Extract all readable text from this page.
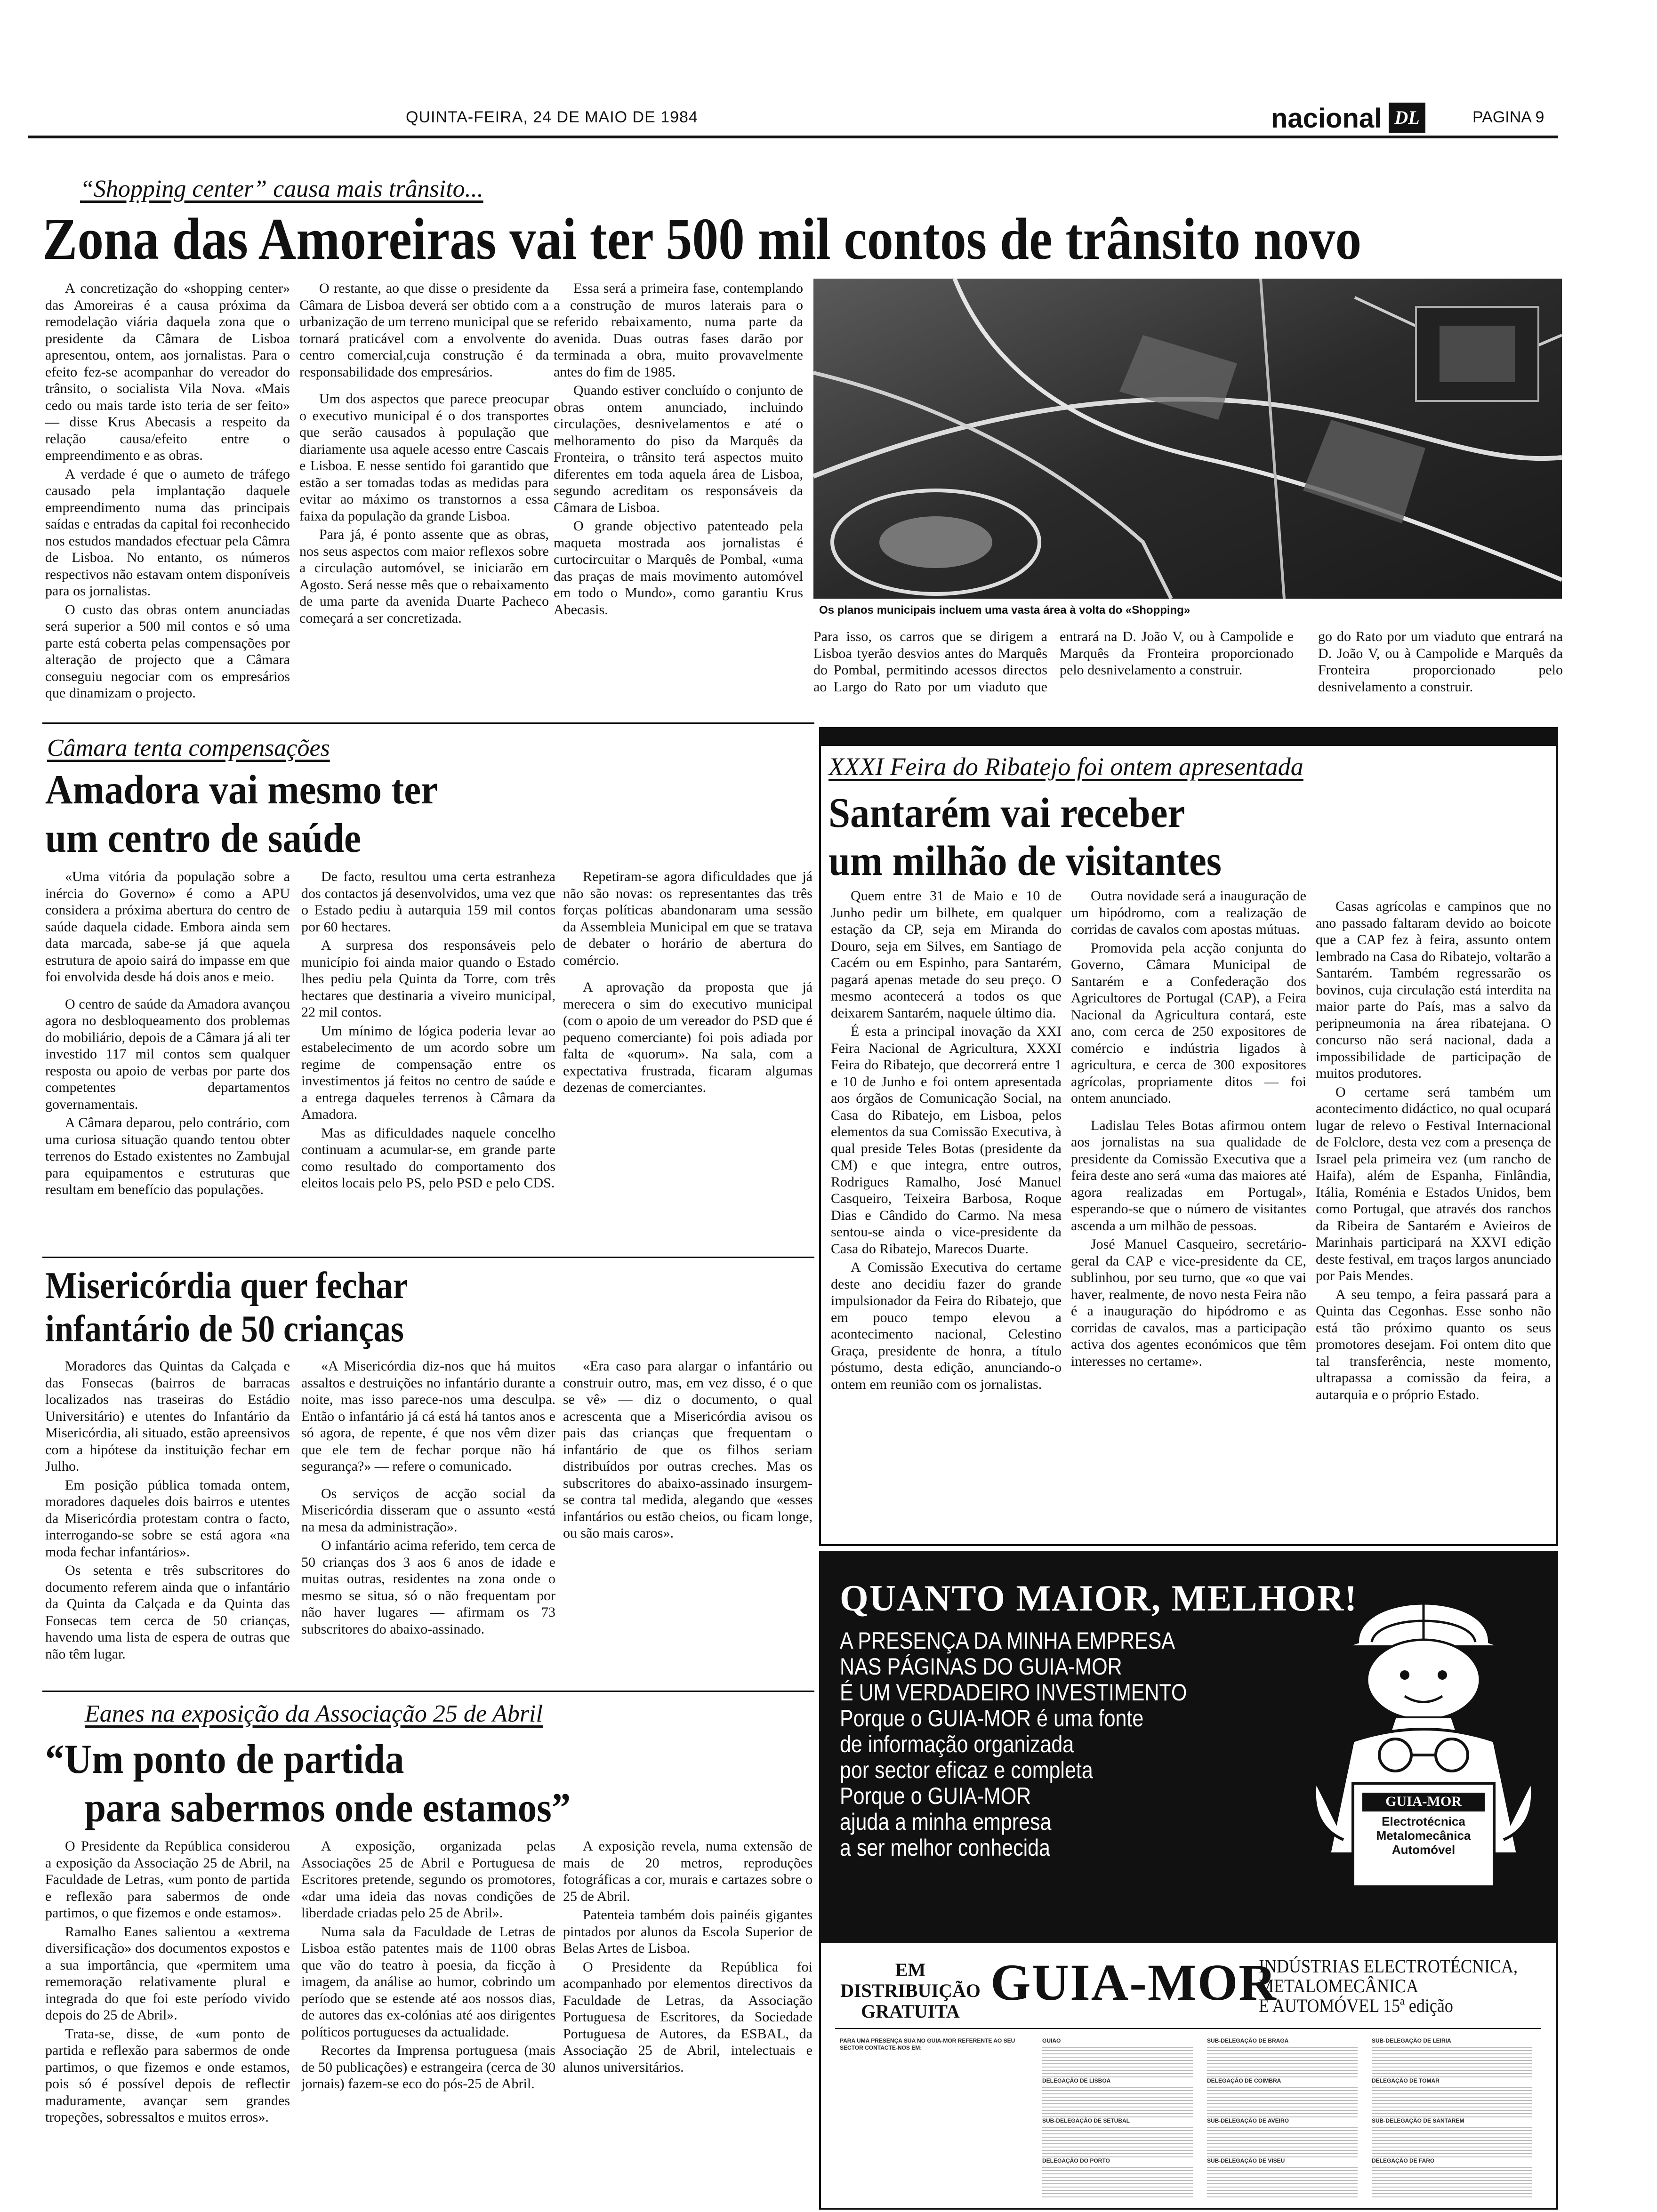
QUINTA-FEIRA, 24 DE MAIO DE 1984	nacional DL	PAGINA 9
“Shopping center” causa mais trânsito...
Zona das Amoreiras vai ter 500 mil contos de trânsito novo

A concretização do «shopping center» das Amoreiras é a causa próxima da remodelação viária daquela zona que o presidente da Câmara de Lisboa apresentou, ontem, aos jornalistas. Para o efeito fez-se acompanhar do vereador do trânsito, o socialista Vila Nova. «Mais cedo ou mais tarde isto teria de ser feito» — disse Krus Abecasis a respeito da relação causa/efeito entre o empreendimento e as obras.

A verdade é que o aumeto de tráfego causado pela implantação daquele empreendimento numa das principais saídas e entradas da capital foi reconhecido nos estudos mandados efectuar pela Câmra de Lisboa. No entanto, os números respectivos não estavam ontem disponíveis para os jornalistas.

O custo das obras ontem anunciadas será superior a 500 mil contos e só uma parte está coberta pelas compensações por alteração de projecto que a Câmara conseguiu negociar com os empresários que dinamizam o projecto.

O restante, ao que disse o presidente da Câmara de Lisboa deverá ser obtido com a urbanização de um terreno municipal que se tornará praticável com a envolvente do centro comercial,cuja construção é da responsabilidade dos empresários.

Um dos aspectos que parece preocupar o executivo municipal é o dos transportes que serão causados à população que diariamente usa aquele acesso entre Cascais e Lisboa. E nesse sentido foi garantido que estão a ser tomadas todas as medidas para evitar ao máximo os transtornos a essa faixa da população da grande Lisboa.

Para já, é ponto assente que as obras, nos seus aspectos com maior reflexos sobre a circulação automóvel, se iniciarão em Agosto. Será nesse mês que o rebaixamento de uma parte da avenida Duarte Pacheco começará a ser concretizada.

Essa será a primeira fase, contemplando a construção de muros laterais para o referido rebaixamento, numa parte da avenida. Duas outras fases darão por terminada a obra, muito provavelmente antes do fim de 1985.

Quando estiver concluído o conjunto de obras ontem anunciado, incluindo circulações, desnivelamentos e até o melhoramento do piso da Marquês da Fronteira, o trânsito terá aspectos muito diferentes em toda aquela área de Lisboa, segundo acreditam os responsáveis da Câmara de Lisboa.

O grande objectivo patenteado pela maqueta mostrada aos jornalistas é curtocircuitar o Marquês de Pombal, «uma das praças de mais movimento automóvel em todo o Mundo», como garantiu Krus Abecasis.	Os planos municipais incluem uma vasta área à volta do «Shopping»

Para isso, os carros que se dirigem a Lisboa tyerão desvios antes do Marquês do Pombal, permitindo acessos directos ao Largo do Rato por um viaduto que entrará na D. João V, ou à Campolide e Marquês da Fronteira proporcionado pelo desnivelamento a construir.

go do Rato por um viaduto que entrará na D. João V, ou à Campolide e Marquês da Fronteira proporcionado pelo desnivelamento a construir.

Câmara tenta compensações
Amadora vai mesmo ter
um centro de saúde

«Uma vitória da população sobre a inércia do Governo» é como a APU considera a próxima abertura do centro de saúde daquela cidade. Embora ainda sem data marcada, sabe-se já que aquela estrutura de apoio sairá do impasse em que foi envolvida desde há dois anos e meio.

O centro de saúde da Amadora avançou agora no desbloqueamento dos problemas do mobiliário, depois de a Câmara já ali ter investido 117 mil contos sem qualquer resposta ou apoio de verbas por parte dos competentes departamentos governamentais.

A Câmara deparou, pelo contrário, com uma curiosa situação quando tentou obter terrenos do Estado existentes no Zambujal para equipamentos e estruturas que resultam em benefício das populações.

De facto, resultou uma certa estranheza dos contactos já desenvolvidos, uma vez que o Estado pediu à autarquia 159 mil contos por 60 hectares.

A surpresa dos responsáveis pelo município foi ainda maior quando o Estado lhes pediu pela Quinta da Torre, com três hectares que destinaria a viveiro municipal, 22 mil contos.

Um mínimo de lógica poderia levar ao estabelecimento de um acordo sobre um regime de compensação entre os investimentos já feitos no centro de saúde e a entrega daqueles terrenos à Câmara da Amadora.

Mas as dificuldades naquele concelho continuam a acumular-se, em grande parte como resultado do comportamento dos eleitos locais pelo PS, pelo PSD e pelo CDS.

Repetiram-se agora dificuldades que já não são novas: os representantes das três forças políticas abandonaram uma sessão da Assembleia Municipal em que se tratava de debater o horário de abertura do comércio.

A aprovação da proposta que já merecera o sim do executivo municipal (com o apoio de um vereador do PSD que é pequeno comerciante) foi pois adiada por falta de «quorum». Na sala, com a expectativa frustrada, ficaram algumas dezenas de comerciantes.

XXXI Feira do Ribatejo foi ontem apresentada
Santarém vai receber
um milhão de visitantes

Quem entre 31 de Maio e 10 de Junho pedir um bilhete, em qualquer estação da CP, seja em Miranda do Douro, seja em Silves, em Santiago de Cacém ou em Espinho, para Santarém, pagará apenas metade do seu preço. O mesmo acontecerá a todos os que deixarem Santarém, naquele último dia.

É esta a principal inovação da XXI Feira Nacional de Agricultura, XXXI Feira do Ribatejo, que decorrerá entre 1 e 10 de Junho e foi ontem apresentada aos órgãos de Comunicação Social, na Casa do Ribatejo, em Lisboa, pelos elementos da sua Comissão Executiva, à qual preside Teles Botas (presidente da CM) e que integra, entre outros, Rodrigues Ramalho, José Manuel Casqueiro, Teixeira Barbosa, Roque Dias e Cândido do Carmo. Na mesa sentou-se ainda o vice-presidente da Casa do Ribatejo, Marecos Duarte.

A Comissão Executiva do certame deste ano decidiu fazer do grande impulsionador da Feira do Ribatejo, que em pouco tempo elevou a acontecimento nacional, Celestino Graça, presidente de honra, a título póstumo, desta edição, anunciando-o ontem em reunião com os jornalistas.

Outra novidade será a inauguração de um hipódromo, com a realização de corridas de cavalos com apostas mútuas.

Promovida pela acção conjunta do Governo, Câmara Municipal de Santarém e a Confederação dos Agricultores de Portugal (CAP), a Feira Nacional da Agricultura contará, este ano, com cerca de 250 expositores de comércio e indústria ligados à agricultura, e cerca de 300 expositores agrícolas, propriamente ditos — foi ontem anunciado.

Ladislau Teles Botas afirmou ontem aos jornalistas na sua qualidade de presidente da Comissão Executiva que a feira deste ano será «uma das maiores até agora realizadas em Portugal», esperando-se que o número de visitantes ascenda a um milhão de pessoas.

José Manuel Casqueiro, secretário-geral da CAP e vice-presidente da CE, sublinhou, por seu turno, que «o que vai haver, realmente, de novo nesta Feira não é a inauguração do hipódromo e as corridas de cavalos, mas a participação activa dos agentes económicos que têm interesses no certame».

Casas agrícolas e campinos que no ano passado faltaram devido ao boicote que a CAP fez à feira, assunto ontem lembrado na Casa do Ribatejo, voltarão a Santarém. Também regressarão os bovinos, cuja circulação está interdita na maior parte do País, mas a salvo da peripneumonia na área ribatejana. O concurso não será nacional, dada a impossibilidade de participação de muitos produtores.

O certame será também um acontecimento didáctico, no qual ocupará lugar de relevo o Festival Internacional de Folclore, desta vez com a presença de Israel pela primeira vez (um rancho de Haifa), além de Espanha, Finlândia, Itália, Roménia e Estados Unidos, bem como Portugal, que através dos ranchos da Ribeira de Santarém e Avieiros de Marinhais participará na XXVI edição deste festival, em traços largos anunciado por Pais Mendes.

A seu tempo, a feira passará para a Quinta das Cegonhas. Esse sonho não está tão próximo quanto os seus promotores desejam. Foi ontem dito que tal transferência, neste momento, ultrapassa a comissão da feira, a autarquia e o próprio Estado.

Misericórdia quer fechar
infantário de 50 crianças

Moradores das Quintas da Calçada e das Fonsecas (bairros de barracas localizados nas traseiras do Estádio Universitário) e utentes do Infantário da Misericórdia, ali situado, estão apreensivos com a hipótese da instituição fechar em Julho.

Em posição pública tomada ontem, moradores daqueles dois bairros e utentes da Misericórdia protestam contra o facto, interrogando-se sobre se está agora «na moda fechar infantários».

Os setenta e três subscritores do documento referem ainda que o infantário da Quinta da Calçada e da Quinta das Fonsecas tem cerca de 50 crianças, havendo uma lista de espera de outras que não têm lugar.

«A Misericórdia diz-nos que há muitos assaltos e destruições no infantário durante a noite, mas isso parece-nos uma desculpa. Então o infantário já cá está há tantos anos e só agora, de repente, é que nos vêm dizer que ele tem de fechar porque não há segurança?» — refere o comunicado.

Os serviços de acção social da Misericórdia disseram que o assunto «está na mesa da administração».

O infantário acima referido, tem cerca de 50 crianças dos 3 aos 6 anos de idade e muitas outras, residentes na zona onde o mesmo se situa, só o não frequentam por não haver lugares — afirmam os 73 subscritores do abaixo-assinado.

«Era caso para alargar o infantário ou construir outro, mas, em vez disso, é o que se vê» — diz o documento, o qual acrescenta que a Misericórdia avisou os pais das crianças que frequentam o infantário de que os filhos seriam distribuídos por outras creches. Mas os subscritores do abaixo-assinado insurgem-se contra tal medida, alegando que «esses infantários ou estão cheios, ou ficam longe, ou são mais caros».

Eanes na exposição da Associação 25 de Abril
“Um ponto de partida
para sabermos onde estamos”

O Presidente da República considerou a exposição da Associação 25 de Abril, na Faculdade de Letras, «um ponto de partida e reflexão para sabermos de onde partimos, o que fizemos e onde estamos».

Ramalho Eanes salientou a «extrema diversificação» dos documentos expostos e a sua importância, que «permitem uma rememoração relativamente plural e integrada do que foi este período vivido depois do 25 de Abril».

Trata-se, disse, de «um ponto de partida e reflexão para sabermos de onde partimos, o que fizemos e onde estamos, pois só é possível depois de reflectir maduramente, avançar sem grandes tropeções, sobressaltos e muitos erros».

A exposição, organizada pelas Associações 25 de Abril e Portuguesa de Escritores pretende, segundo os promotores, «dar uma ideia das novas condições de liberdade criadas pelo 25 de Abril».

Numa sala da Faculdade de Letras de Lisboa estão patentes mais de 1100 obras que vão do teatro à poesia, da ficção à imagem, da análise ao humor, cobrindo um período que se estende até aos nossos dias, de autores das ex-colónias até aos dirigentes políticos portugueses da actualidade.

Recortes da Imprensa portuguesa (mais de 50 publicações) e estrangeira (cerca de 30 jornais) fazem-se eco do pós-25 de Abril.

A exposição revela, numa extensão de mais de 20 metros, reproduções fotográficas a cor, murais e cartazes sobre o 25 de Abril.

Patenteia também dois painéis gigantes pintados por alunos da Escola Superior de Belas Artes de Lisboa.

O Presidente da República foi acompanhado por elementos directivos da Faculdade de Letras, da Associação Portuguesa de Escritores, da Sociedade Portuguesa de Autores, da ESBAL, da Associação 25 de Abril, intelectuais e alunos universitários.

QUANTO MAIOR, MELHOR!
A PRESENÇA DA MINHA EMPRESA
NAS PÁGINAS DO GUIA-MOR
É UM VERDADEIRO INVESTIMENTO
Porque o GUIA-MOR é uma fonte
de informação organizada
por sector eficaz e completa
Porque o GUIA-MOR
ajuda a minha empresa
a ser melhor conhecida
GUIA-MOR
Electrotécnica
Metalomecânica
Automóvel
EM DISTRIBUIÇÃO GRATUITA
GUIA-MOR
INDÚSTRIAS ELECTROTÉCNICA,
METALOMECÂNICA
E AUTOMÓVEL 15ª edição
PARA UMA PRESENÇA SUA NO GUIA-MOR REFERENTE AO SEU SECTOR CONTACTE-NOS EM:
GUIAO
DELEGAÇÃO DE LISBOA
SUB-DELEGAÇÃO DE SETUBAL
DELEGAÇÃO DO PORTO
SUB-DELEGAÇÃO DE BRAGA
DELEGAÇÃO DE COIMBRA
SUB-DELEGAÇÃO DE AVEIRO
SUB-DELEGAÇÃO DE VISEU
SUB-DELEGAÇÃO DE LEIRIA
DELEGAÇÃO DE TOMAR
SUB-DELEGAÇÃO DE SANTAREM
DELEGAÇÃO DE FARO
